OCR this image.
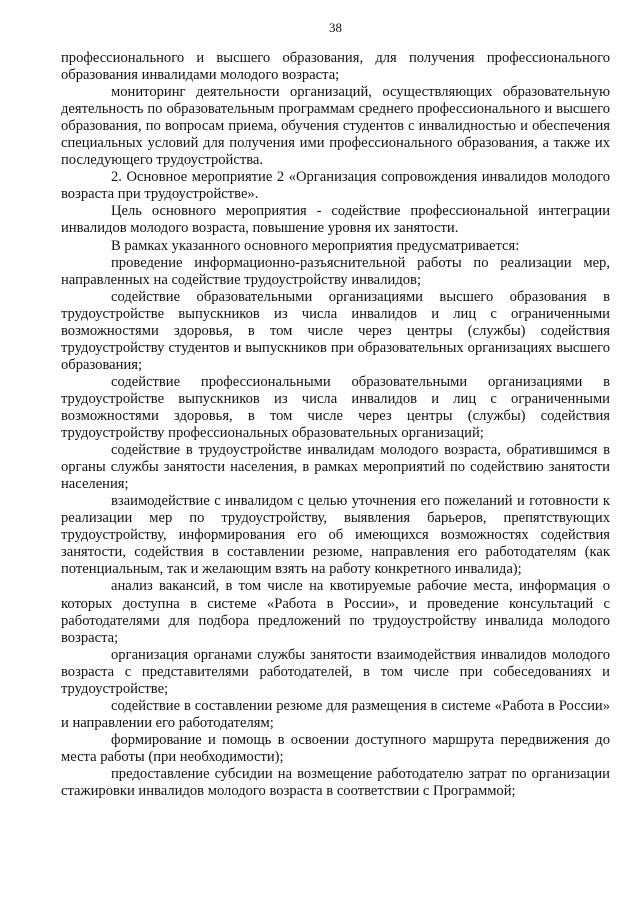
38

профессионального и высшего образования, для получения профессионального образования инвалидами молодого возраста;

мониторинг деятельности организаций, осуществляющих образовательную деятельность по образовательным программам среднего профессионального и высшего образования, по вопросам приема, обучения студентов с инвалидностью и обеспечения специальных условий для получения ими профессионального образования, а также их последующего трудоустройства.

2. Основное мероприятие 2 «Организация сопровождения инвалидов молодого возраста при трудоустройстве».

Цель основного мероприятия - содействие профессиональной интеграции инвалидов молодого возраста, повышение уровня их занятости.

В рамках указанного основного мероприятия предусматривается:

проведение информационно-разъяснительной работы по реализации мер, направленных на содействие трудоустройству инвалидов;

содействие образовательными организациями высшего образования в трудоустройстве выпускников из числа инвалидов и лиц с ограниченными возможностями здоровья, в том числе через центры (службы) содействия трудоустройству студентов и выпускников при образовательных организациях высшего образования;

содействие профессиональными образовательными организациями в трудоустройстве выпускников из числа инвалидов и лиц с ограниченными возможностями здоровья, в том числе через центры (службы) содействия трудоустройству профессиональных образовательных организаций;

содействие в трудоустройстве инвалидам молодого возраста, обратившимся в органы службы занятости населения, в рамках мероприятий по содействию занятости населения;

взаимодействие с инвалидом с целью уточнения его пожеланий и готовности к реализации мер по трудоустройству, выявления барьеров, препятствующих трудоустройству, информирования его об имеющихся возможностях содействия занятости, содействия в составлении резюме, направления его работодателям (как потенциальным, так и желающим взять на работу конкретного инвалида);

анализ вакансий, в том числе на квотируемые рабочие места, информация о которых доступна в системе «Работа в России», и проведение консультаций с работодателями для подбора предложений по трудоустройству инвалида молодого возраста;

организация органами службы занятости взаимодействия инвалидов молодого возраста с представителями работодателей, в том числе при собеседованиях и трудоустройстве;

содействие в составлении резюме для размещения в системе «Работа в России» и направлении его работодателям;

формирование и помощь в освоении доступного маршрута передвижения до места работы (при необходимости);

предоставление субсидии на возмещение работодателю затрат по организации стажировки инвалидов молодого возраста в соответствии с Программой;
